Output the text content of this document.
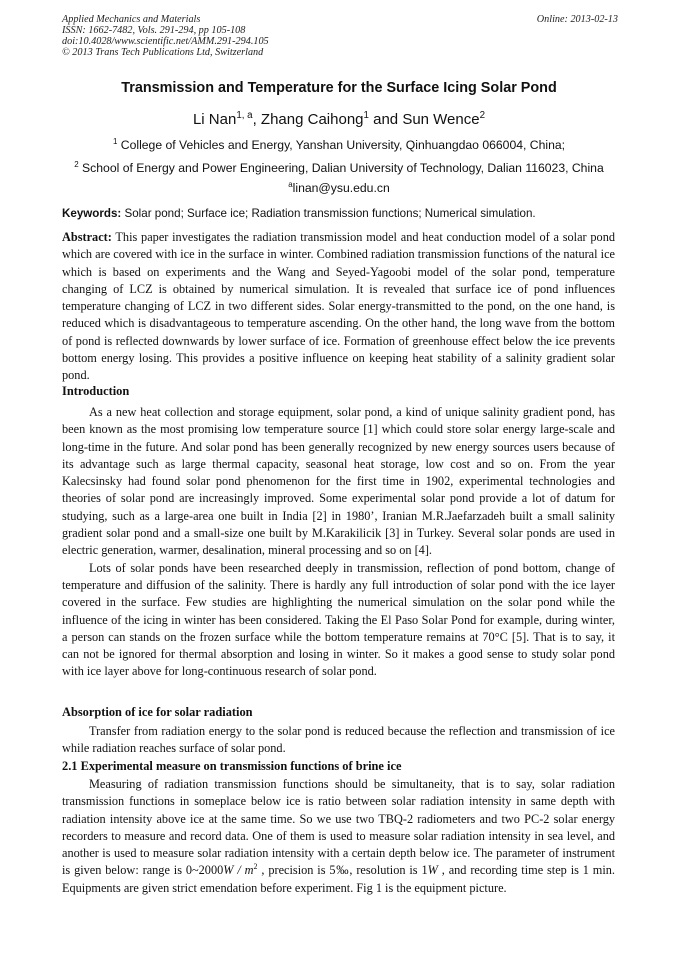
Applied Mechanics and Materials
ISSN: 1662-7482, Vols. 291-294, pp 105-108
doi:10.4028/www.scientific.net/AMM.291-294.105
© 2013 Trans Tech Publications Ltd, Switzerland
Online: 2013-02-13
Transmission and Temperature for the Surface Icing Solar Pond
Li Nan$^{1, a}$, Zhang Caihong$^1$ and Sun Wence$^2$
$^1$ College of Vehicles and Energy, Yanshan University, Qinhuangdao 066004, China;
$^2$ School of Energy and Power Engineering, Dalian University of Technology, Dalian 116023, China
$^a$linan@ysu.edu.cn
Keywords: Solar pond; Surface ice; Radiation transmission functions; Numerical simulation.

Abstract: This paper investigates the radiation transmission model and heat conduction model of a solar pond which are covered with ice in the surface in winter. Combined radiation transmission functions of the natural ice which is based on experiments and the Wang and Seyed-Yagoobi model of the solar pond, temperature changing of LCZ is obtained by numerical simulation. It is revealed that surface ice of pond influences temperature changing of LCZ in two different sides. Solar energy-transmitted to the pond, on the one hand, is reduced which is disadvantageous to temperature ascending. On the other hand, the long wave from the bottom of pond is reflected downwards by lower surface of ice. Formation of greenhouse effect below the ice prevents bottom energy losing. This provides a positive influence on keeping heat stability of a salinity gradient solar pond.

Introduction

As a new heat collection and storage equipment, solar pond, a kind of unique salinity gradient pond, has been known as the most promising low temperature source [1] which could store solar energy large-scale and long-time in the future. And solar pond has been generally recognized by new energy sources users because of its advantage such as large thermal capacity, seasonal heat storage, low cost and so on. From the year Kalecsinsky had found solar pond phenomenon for the first time in 1902, experimental technologies and theories of solar pond are increasingly improved. Some experimental solar pond provide a lot of datum for studying, such as a large-area one built in India [2] in 1980’, Iranian M.R.Jaefarzadeh built a small salinity gradient solar pond and a small-size one built by M.Karakilicik [3] in Turkey. Several solar ponds are used in electric generation, warmer, desalination, mineral processing and so on [4].

Lots of solar ponds have been researched deeply in transmission, reflection of pond bottom, change of temperature and diffusion of the salinity. There is hardly any full introduction of solar pond with the ice layer covered in the surface. Few studies are highlighting the numerical simulation on the solar pond while the influence of the icing in winter has been considered. Taking the El Paso Solar Pond for example, during winter, a person can stands on the frozen surface while the bottom temperature remains at 70°C [5]. That is to say, it can not be ignored for thermal absorption and losing in winter. So it makes a good sense to study solar pond with ice layer above for long-continuous research of solar pond.

Absorption of ice for solar radiation

Transfer from radiation energy to the solar pond is reduced because the reflection and transmission of ice while radiation reaches surface of solar pond.

2.1 Experimental measure on transmission functions of brine ice

Measuring of radiation transmission functions should be simultaneity, that is to say, solar radiation transmission functions in someplace below ice is ratio between solar radiation intensity in same depth with radiation intensity above ice at the same time. So we use two TBQ-2 radiometers and two PC-2 solar energy recorders to measure and record data. One of them is used to measure solar radiation intensity in sea level, and another is used to measure solar radiation intensity with a certain depth below ice. The parameter of instrument is given below: range is 0~2000W / $m^2$ , precision is 5‰, resolution is 1W , and recording time step is 1 min. Equipments are given strict emendation before experiment. Fig 1 is the equipment picture.
